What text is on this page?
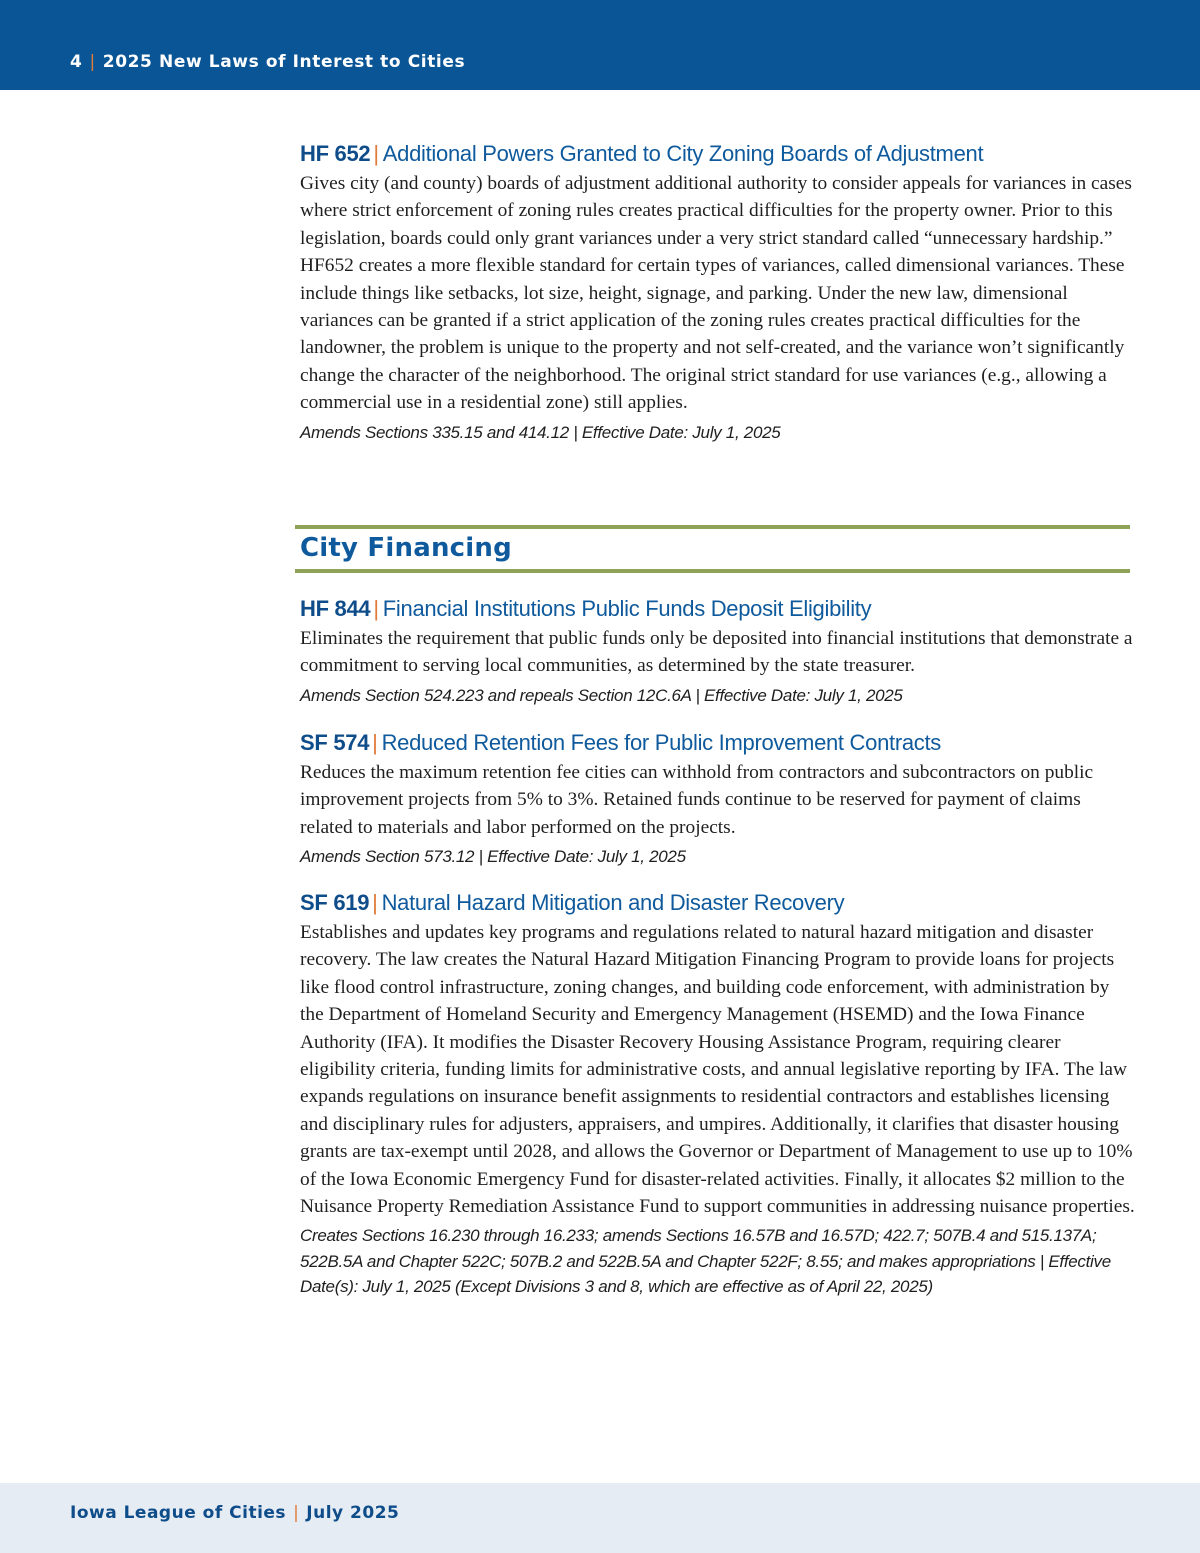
4 | 2025 New Laws of Interest to Cities
HF 652 | Additional Powers Granted to City Zoning Boards of Adjustment

Gives city (and county) boards of adjustment additional authority to consider appeals for variances in cases where strict enforcement of zoning rules creates practical difficulties for the property owner. Prior to this legislation, boards could only grant variances under a very strict standard called “unnecessary hardship.” HF652 creates a more flexible standard for certain types of variances, called dimensional variances. These include things like setbacks, lot size, height, signage, and parking. Under the new law, dimensional variances can be granted if a strict application of the zoning rules creates practical difficulties for the landowner, the problem is unique to the property and not self-created, and the variance won’t significantly change the character of the neighborhood. The original strict standard for use variances (e.g., allowing a commercial use in a residential zone) still applies.

Amends Sections 335.15 and 414.12 | Effective Date: July 1, 2025

City Financing
HF 844 | Financial Institutions Public Funds Deposit Eligibility

Eliminates the requirement that public funds only be deposited into financial institutions that demonstrate a commitment to serving local communities, as determined by the state treasurer.

Amends Section 524.223 and repeals Section 12C.6A | Effective Date: July 1, 2025

SF 574 | Reduced Retention Fees for Public Improvement Contracts

Reduces the maximum retention fee cities can withhold from contractors and subcontractors on public improvement projects from 5% to 3%. Retained funds continue to be reserved for payment of claims related to materials and labor performed on the projects.

Amends Section 573.12 | Effective Date: July 1, 2025

SF 619 | Natural Hazard Mitigation and Disaster Recovery

Establishes and updates key programs and regulations related to natural hazard mitigation and disaster recovery. The law creates the Natural Hazard Mitigation Financing Program to provide loans for projects like flood control infrastructure, zoning changes, and building code enforcement, with administration by the Department of Homeland Security and Emergency Management (HSEMD) and the Iowa Finance Authority (IFA). It modifies the Disaster Recovery Housing Assistance Program, requiring clearer eligibility criteria, funding limits for administrative costs, and annual legislative reporting by IFA. The law expands regulations on insurance benefit assignments to residential contractors and establishes licensing and disciplinary rules for adjusters, appraisers, and umpires. Additionally, it clarifies that disaster housing grants are tax-exempt until 2028, and allows the Governor or Department of Management to use up to 10% of the Iowa Economic Emergency Fund for disaster-related activities. Finally, it allocates $2 million to the Nuisance Property Remediation Assistance Fund to support communities in addressing nuisance properties.

Creates Sections 16.230 through 16.233; amends Sections 16.57B and 16.57D; 422.7; 507B.4 and 515.137A; 522B.5A and Chapter 522C; 507B.2 and 522B.5A and Chapter 522F; 8.55; and makes appropriations | Effective Date(s): July 1, 2025 (Except Divisions 3 and 8, which are effective as of April 22, 2025)

Iowa League of Cities | July 2025
